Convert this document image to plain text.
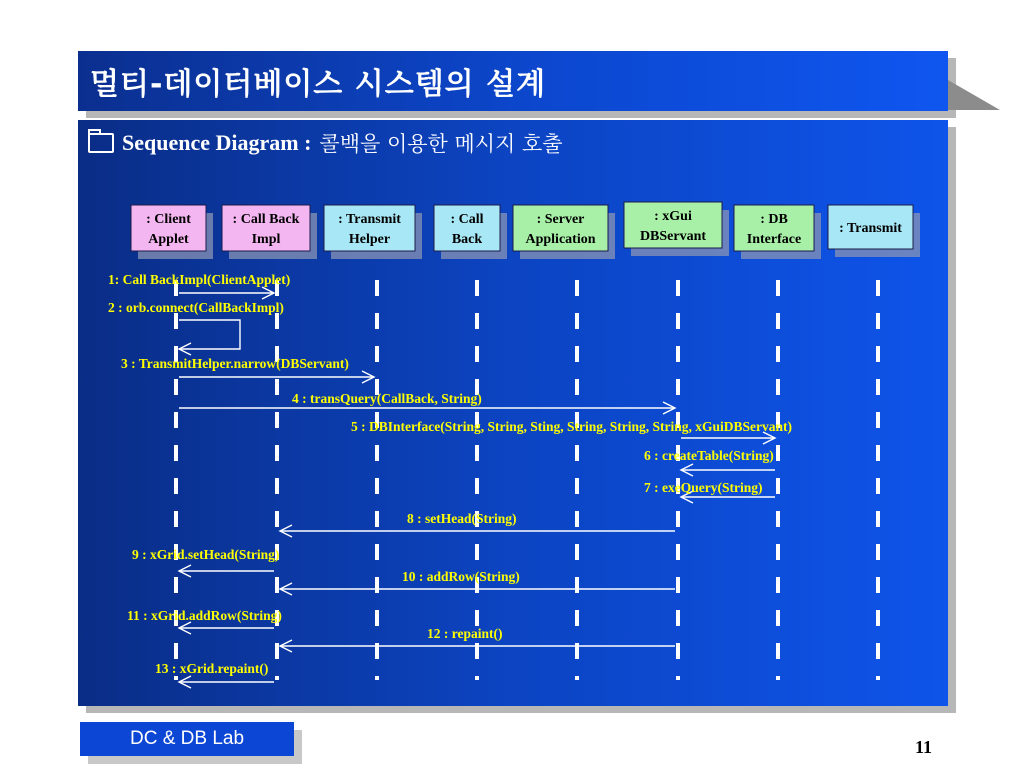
멀티-데이터베이스 시스템의 설계
Sequence Diagram : 콜백을 이용한 메시지 호출
: Client
Applet
: Call Back
Impl
: Transmit
Helper
: Call
Back
: Server
Application
: xGui
DBServant
: DB
Interface
: Transmit
1: Call BackImpl(ClientApplet)
2 : orb.connect(CallBackImpl)
3 : TransmitHelper.narrow(DBServant)
4 : transQuery(CallBack, String)
5 : DBInterface(String, String, Sting, String, String, String, xGuiDBServant)
6 : createTable(String)
7 : exeQuery(String)
8 : setHead(String)
9 : xGrid.setHead(String)
10 : addRow(String)
11 : xGrid.addRow(String)
12 : repaint()
13 : xGrid.repaint()
DC & DB Lab	11
